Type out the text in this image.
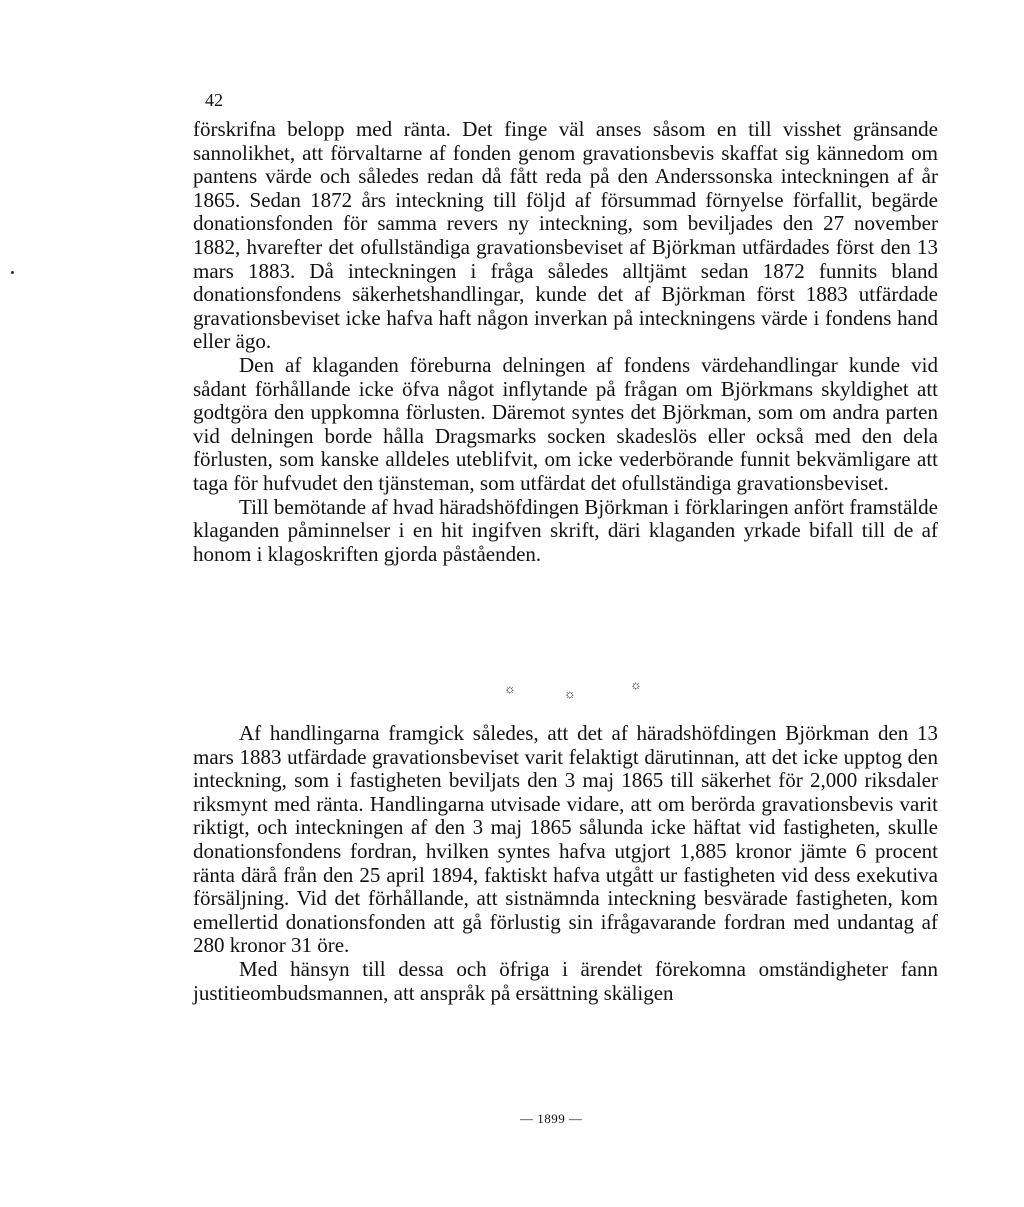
42

förskrifna belopp med ränta. Det finge väl anses såsom en till visshet gränsande sannolikhet, att förvaltarne af fonden genom gravationsbevis skaffat sig kännedom om pantens värde och således redan då fått reda på den Anderssonska inteckningen af år 1865. Sedan 1872 års inteckning till följd af försummad förnyelse förfallit, begärde donationsfonden för samma revers ny inteckning, som beviljades den 27 november 1882, hvarefter det ofullständiga gravationsbeviset af Björkman utfärdades först den 13 mars 1883. Då inteckningen i fråga således alltjämt sedan 1872 funnits bland donationsfondens säkerhetshandlingar, kunde det af Björkman först 1883 utfärdade gravationsbeviset icke hafva haft någon inverkan på inteckningens värde i fondens hand eller ägo.

Den af klaganden föreburna delningen af fondens värdehandlingar kunde vid sådant förhållande icke öfva något inflytande på frågan om Björkmans skyldighet att godtgöra den uppkomna förlusten. Däremot syntes det Björkman, som om andra parten vid delningen borde hålla Dragsmarks socken skadeslös eller också med den dela förlusten, som kanske alldeles uteblifvit, om icke vederbörande funnit bekvämligare att taga för hufvudet den tjänsteman, som utfärdat det ofullständiga gravationsbeviset.

Till bemötande af hvad häradshöfdingen Björkman i förklaringen anfört framstälde klaganden påminnelser i en hit ingifven skrift, däri klaganden yrkade bifall till de af honom i klagoskriften gjorda påståenden.

☼	☼
☼

Af handlingarna framgick således, att det af häradshöfdingen Björkman den 13 mars 1883 utfärdade gravationsbeviset varit felaktigt därutinnan, att det icke upptog den inteckning, som i fastigheten beviljats den 3 maj 1865 till säkerhet för 2,000 riksdaler riksmynt med ränta. Handlingarna utvisade vidare, att om berörda gravationsbevis varit riktigt, och inteckningen af den 3 maj 1865 sålunda icke häftat vid fastigheten, skulle donationsfondens fordran, hvilken syntes hafva utgjort 1,885 kronor jämte 6 procent ränta därå från den 25 april 1894, faktiskt hafva utgått ur fastigheten vid dess exekutiva försäljning. Vid det förhållande, att sistnämnda inteckning besvärade fastigheten, kom emellertid donationsfonden att gå förlustig sin ifrågavarande fordran med undantag af 280 kronor 31 öre.

Med hänsyn till dessa och öfriga i ärendet förekomna omständigheter fann justitieombudsmannen, att anspråk på ersättning skäligen

— 1899 —
